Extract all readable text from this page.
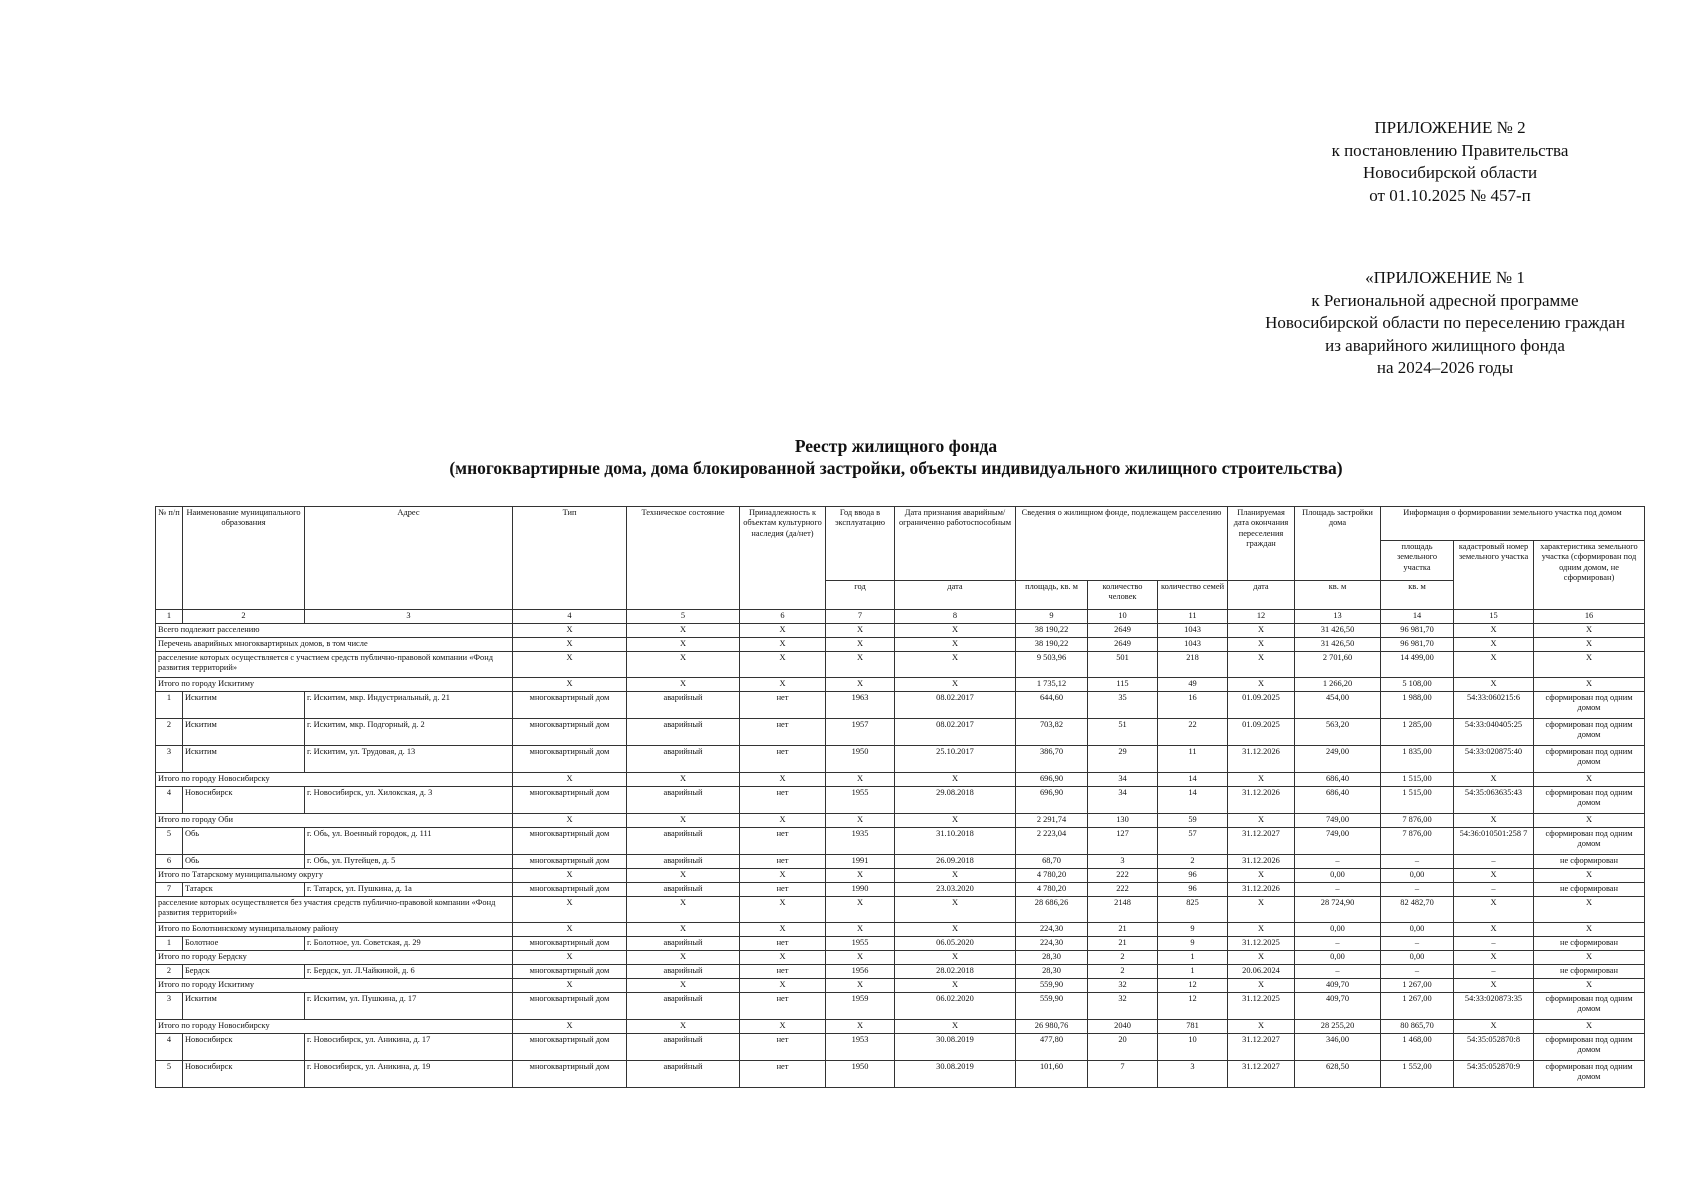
ПРИЛОЖЕНИЕ № 2
к постановлению Правительства
Новосибирской области
от 01.10.2025 № 457-п
«ПРИЛОЖЕНИЕ № 1
к Региональной адресной программе
Новосибирской области по переселению граждан
из аварийного жилищного фонда
на 2024–2026 годы
Реестр жилищного фонда
(многоквартирные дома, дома блокированной застройки, объекты индивидуального жилищного строительства)
№ п/п	Наименование муниципального образования	Адрес	Тип	Техническое состояние	Принадлежность к объектам культурного наследия (да/нет)	Год ввода в эксплуатацию	Дата признания аварийным/ограниченно работоспособным	Сведения о жилищном фонде, подлежащем расселению			Планируемая дата окончания переселения граждан	Площадь застройки дома	Информация о формировании земельного участка под домом		
													площадь земельного участка	кадастровый номер земельного участка	характеристика земельного участка (сформирован под одним домом, не сформирован)
						год	дата	площадь, кв. м	количество человек	количество семей	дата	кв. м	кв. м		
1	2	3	4	5	6	7	8	9	10	11	12	13	14	15	16
Всего подлежит расселению			X	X	X	X	X	38 190,22	2649	1043	X	31 426,50	96 981,70	X	X
Перечень аварийных многоквартирных домов, в том числе			X	X	X	X	X	38 190,22	2649	1043	X	31 426,50	96 981,70	X	X
расселение которых осуществляется с участием средств публично-правовой компании «Фонд развития территорий»			X	X	X	X	X	9 503,96	501	218	X	2 701,60	14 499,00	X	X
Итого по городу Искитиму			X	X	X	X	X	1 735,12	115	49	X	1 266,20	5 108,00	X	X
1	Искитим	г. Искитим, мкр. Индустриальный, д. 21	многоквартирный дом	аварийный	нет	1963	08.02.2017	644,60	35	16	01.09.2025	454,00	1 988,00	54:33:060215:6	сформирован под одним домом
2	Искитим	г. Искитим, мкр. Подгорный, д. 2	многоквартирный дом	аварийный	нет	1957	08.02.2017	703,82	51	22	01.09.2025	563,20	1 285,00	54:33:040405:25	сформирован под одним домом
3	Искитим	г. Искитим, ул. Трудовая, д. 13	многоквартирный дом	аварийный	нет	1950	25.10.2017	386,70	29	11	31.12.2026	249,00	1 835,00	54:33:020875:40	сформирован под одним домом
Итого по городу Новосибирску			X	X	X	X	X	696,90	34	14	X	686,40	1 515,00	X	X
4	Новосибирск	г. Новосибирск, ул. Хилокская, д. 3	многоквартирный дом	аварийный	нет	1955	29.08.2018	696,90	34	14	31.12.2026	686,40	1 515,00	54:35:063635:43	сформирован под одним домом
Итого по городу Оби			X	X	X	X	X	2 291,74	130	59	X	749,00	7 876,00	X	X
5	Обь	г. Обь, ул. Военный городок, д. 111	многоквартирный дом	аварийный	нет	1935	31.10.2018	2 223,04	127	57	31.12.2027	749,00	7 876,00	54:36:010501:258 7	сформирован под одним домом
6	Обь	г. Обь, ул. Путейцев, д. 5	многоквартирный дом	аварийный	нет	1991	26.09.2018	68,70	3	2	31.12.2026	–	–	–	не сформирован
Итого по Татарскому муниципальному округу			X	X	X	X	X	4 780,20	222	96	X	0,00	0,00	X	X
7	Татарск	г. Татарск, ул. Пушкина, д. 1а	многоквартирный дом	аварийный	нет	1990	23.03.2020	4 780,20	222	96	31.12.2026	–	–	–	не сформирован
расселение которых осуществляется без участия средств публично-правовой компании «Фонд развития территорий»			X	X	X	X	X	28 686,26	2148	825	X	28 724,90	82 482,70	X	X
Итого по Болотнинскому муниципальному району			X	X	X	X	X	224,30	21	9	X	0,00	0,00	X	X
1	Болотное	г. Болотное, ул. Советская, д. 29	многоквартирный дом	аварийный	нет	1955	06.05.2020	224,30	21	9	31.12.2025	–	–	–	не сформирован
Итого по городу Бердску			X	X	X	X	X	28,30	2	1	X	0,00	0,00	X	X
2	Бердск	г. Бердск, ул. Л.Чайкиной, д. 6	многоквартирный дом	аварийный	нет	1956	28.02.2018	28,30	2	1	20.06.2024	–	–	–	не сформирован
Итого по городу Искитиму			X	X	X	X	X	559,90	32	12	X	409,70	1 267,00	X	X
3	Искитим	г. Искитим, ул. Пушкина, д. 17	многоквартирный дом	аварийный	нет	1959	06.02.2020	559,90	32	12	31.12.2025	409,70	1 267,00	54:33:020873:35	сформирован под одним домом
Итого по городу Новосибирску			X	X	X	X	X	26 980,76	2040	781	X	28 255,20	80 865,70	X	X
4	Новосибирск	г. Новосибирск, ул. Аникина, д. 17	многоквартирный дом	аварийный	нет	1953	30.08.2019	477,80	20	10	31.12.2027	346,00	1 468,00	54:35:052870:8	сформирован под одним домом
5	Новосибирск	г. Новосибирск, ул. Аникина, д. 19	многоквартирный дом	аварийный	нет	1950	30.08.2019	101,60	7	3	31.12.2027	628,50	1 552,00	54:35:052870:9	сформирован под одним домом
